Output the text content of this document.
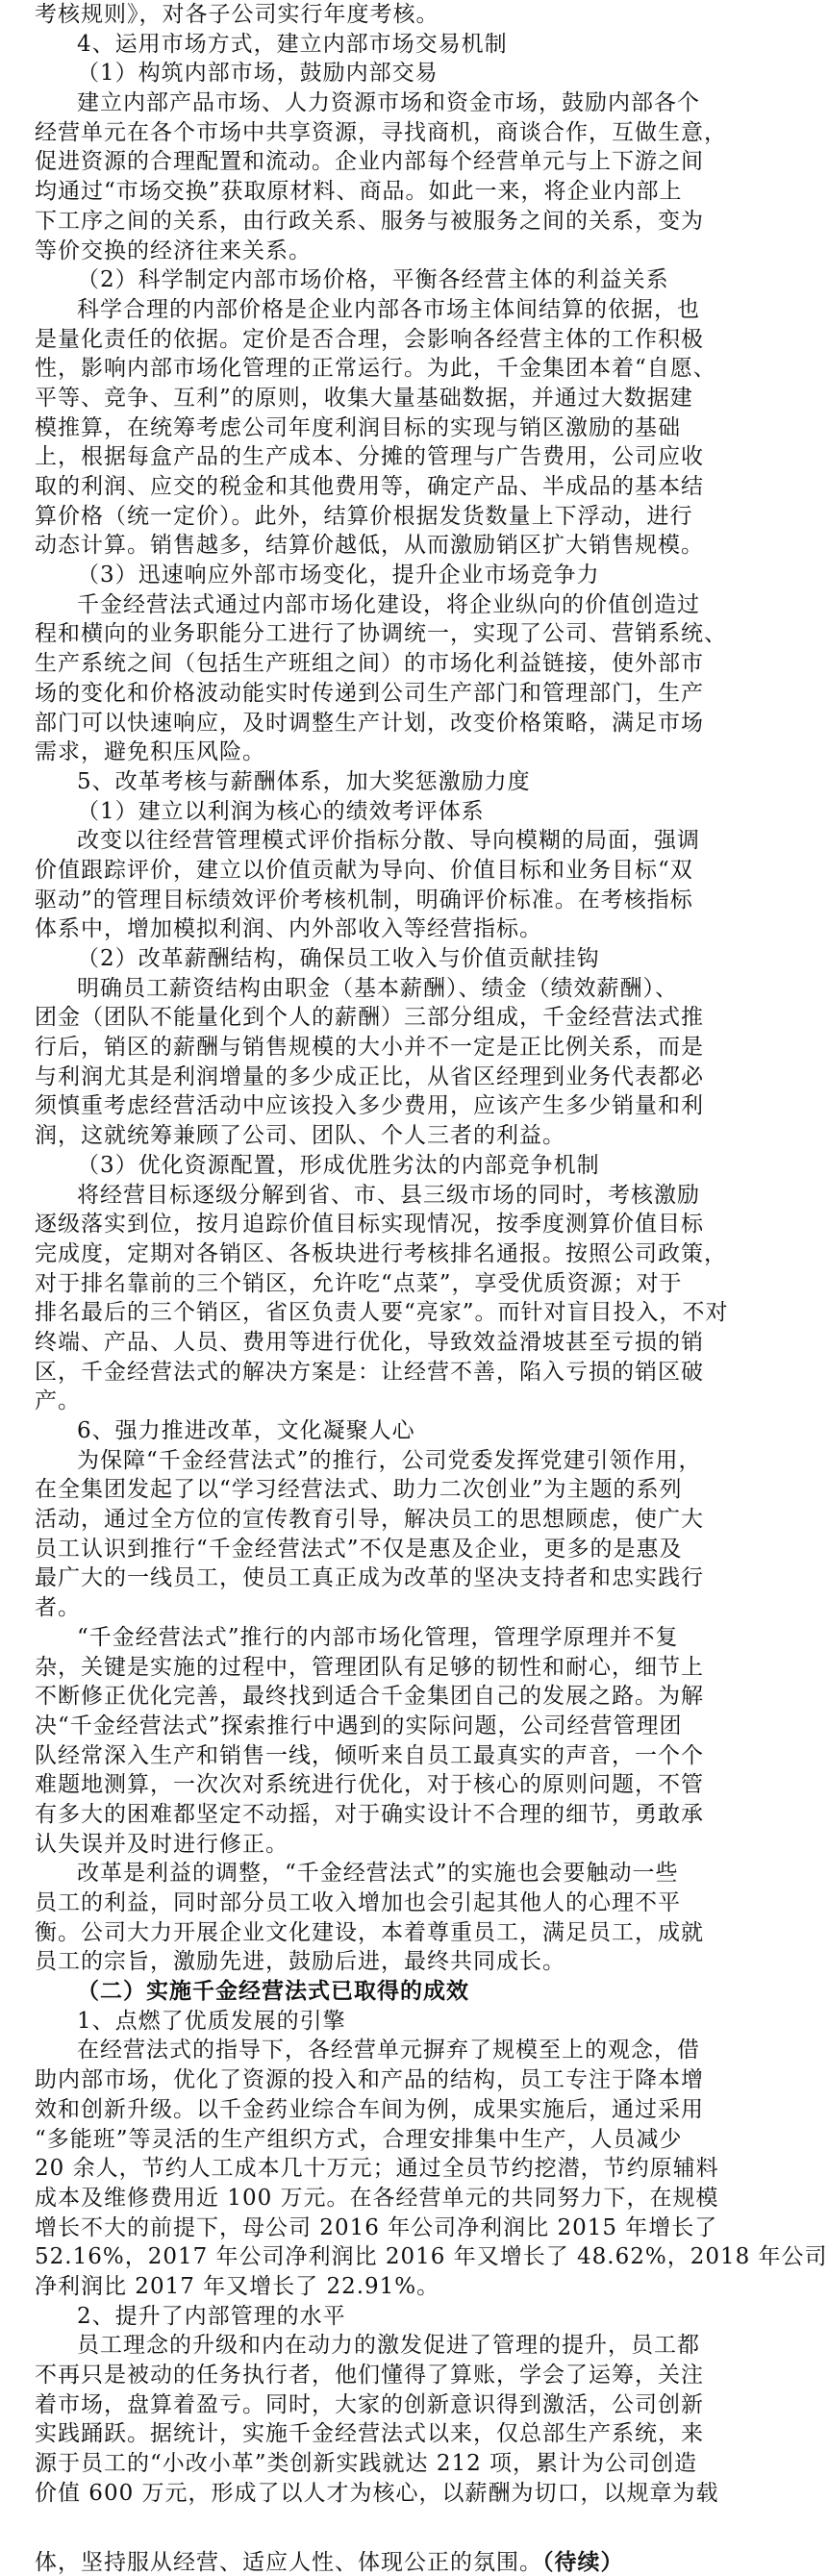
考核规则》，对各子公司实行年度考核。
4、运用市场方式，建立内部市场交易机制
（1）构筑内部市场，鼓励内部交易
建立内部产品市场、人力资源市场和资金市场，鼓励内部各个
经营单元在各个市场中共享资源，寻找商机，商谈合作，互做生意，
促进资源的合理配置和流动。企业内部每个经营单元与上下游之间
均通过“市场交换”获取原材料、商品。如此一来，将企业内部上
下工序之间的关系，由行政关系、服务与被服务之间的关系，变为
等价交换的经济往来关系。
（2）科学制定内部市场价格，平衡各经营主体的利益关系
科学合理的内部价格是企业内部各市场主体间结算的依据，也
是量化责任的依据。定价是否合理，会影响各经营主体的工作积极
性，影响内部市场化管理的正常运行。为此，千金集团本着“自愿、
平等、竞争、互利”的原则，收集大量基础数据，并通过大数据建
模推算，在统筹考虑公司年度利润目标的实现与销区激励的基础
上，根据每盒产品的生产成本、分摊的管理与广告费用，公司应收
取的利润、应交的税金和其他费用等，确定产品、半成品的基本结
算价格（统一定价）。此外，结算价根据发货数量上下浮动，进行
动态计算。销售越多，结算价越低，从而激励销区扩大销售规模。
（3）迅速响应外部市场变化，提升企业市场竞争力
千金经营法式通过内部市场化建设，将企业纵向的价值创造过
程和横向的业务职能分工进行了协调统一，实现了公司、营销系统、
生产系统之间（包括生产班组之间）的市场化利益链接，使外部市
场的变化和价格波动能实时传递到公司生产部门和管理部门，生产
部门可以快速响应，及时调整生产计划，改变价格策略，满足市场
需求，避免积压风险。
5、改革考核与薪酬体系，加大奖惩激励力度
（1）建立以利润为核心的绩效考评体系
改变以往经营管理模式评价指标分散、导向模糊的局面，强调
价值跟踪评价，建立以价值贡献为导向、价值目标和业务目标“双
驱动”的管理目标绩效评价考核机制，明确评价标准。在考核指标
体系中，增加模拟利润、内外部收入等经营指标。
（2）改革薪酬结构，确保员工收入与价值贡献挂钩
明确员工薪资结构由职金（基本薪酬）、绩金（绩效薪酬）、
团金（团队不能量化到个人的薪酬）三部分组成，千金经营法式推
行后，销区的薪酬与销售规模的大小并不一定是正比例关系，而是
与利润尤其是利润增量的多少成正比，从省区经理到业务代表都必
须慎重考虑经营活动中应该投入多少费用，应该产生多少销量和利
润，这就统筹兼顾了公司、团队、个人三者的利益。
（3）优化资源配置，形成优胜劣汰的内部竞争机制
将经营目标逐级分解到省、市、县三级市场的同时，考核激励
逐级落实到位，按月追踪价值目标实现情况，按季度测算价值目标
完成度，定期对各销区、各板块进行考核排名通报。按照公司政策，
对于排名靠前的三个销区，允许吃“点菜”，享受优质资源；对于
排名最后的三个销区，省区负责人要“亮家”。而针对盲目投入，不对
终端、产品、人员、费用等进行优化，导致效益滑坡甚至亏损的销
区，千金经营法式的解决方案是：让经营不善，陷入亏损的销区破
产。
6、强力推进改革，文化凝聚人心
为保障“千金经营法式”的推行，公司党委发挥党建引领作用，
在全集团发起了以“学习经营法式、助力二次创业”为主题的系列
活动，通过全方位的宣传教育引导，解决员工的思想顾虑，使广大
员工认识到推行“千金经营法式”不仅是惠及企业，更多的是惠及
最广大的一线员工，使员工真正成为改革的坚决支持者和忠实践行
者。
“千金经营法式”推行的内部市场化管理，管理学原理并不复
杂，关键是实施的过程中，管理团队有足够的韧性和耐心，细节上
不断修正优化完善，最终找到适合千金集团自己的发展之路。为解
决“千金经营法式”探索推行中遇到的实际问题，公司经营管理团
队经常深入生产和销售一线，倾听来自员工最真实的声音，一个个
难题地测算，一次次对系统进行优化，对于核心的原则问题，不管
有多大的困难都坚定不动摇，对于确实设计不合理的细节，勇敢承
认失误并及时进行修正。
改革是利益的调整，“千金经营法式”的实施也会要触动一些
员工的利益，同时部分员工收入增加也会引起其他人的心理不平
衡。公司大力开展企业文化建设，本着尊重员工，满足员工，成就
员工的宗旨，激励先进，鼓励后进，最终共同成长。
（二）实施千金经营法式已取得的成效
1、点燃了优质发展的引擎
在经营法式的指导下，各经营单元摒弃了规模至上的观念，借
助内部市场，优化了资源的投入和产品的结构，员工专注于降本增
效和创新升级。以千金药业综合车间为例，成果实施后，通过采用
“多能班”等灵活的生产组织方式，合理安排集中生产，人员减少
20 余人，节约人工成本几十万元；通过全员节约挖潜，节约原辅料
成本及维修费用近 100 万元。在各经营单元的共同努力下，在规模
增长不大的前提下，母公司 2016 年公司净利润比 2015 年增长了
52.16%，2017 年公司净利润比 2016 年又增长了 48.62%，2018 年公司
净利润比 2017 年又增长了 22.91%。
2、提升了内部管理的水平
员工理念的升级和内在动力的激发促进了管理的提升，员工都
不再只是被动的任务执行者，他们懂得了算账，学会了运筹，关注
着市场，盘算着盈亏。同时，大家的创新意识得到激活，公司创新
实践踊跃。据统计，实施千金经营法式以来，仅总部生产系统，来
源于员工的“小改小革”类创新实践就达 212 项，累计为公司创造
价值 600 万元，形成了以人才为核心，以薪酬为切口，以规章为载
体，坚持服从经营、适应人性、体现公正的氛围。（待续）
